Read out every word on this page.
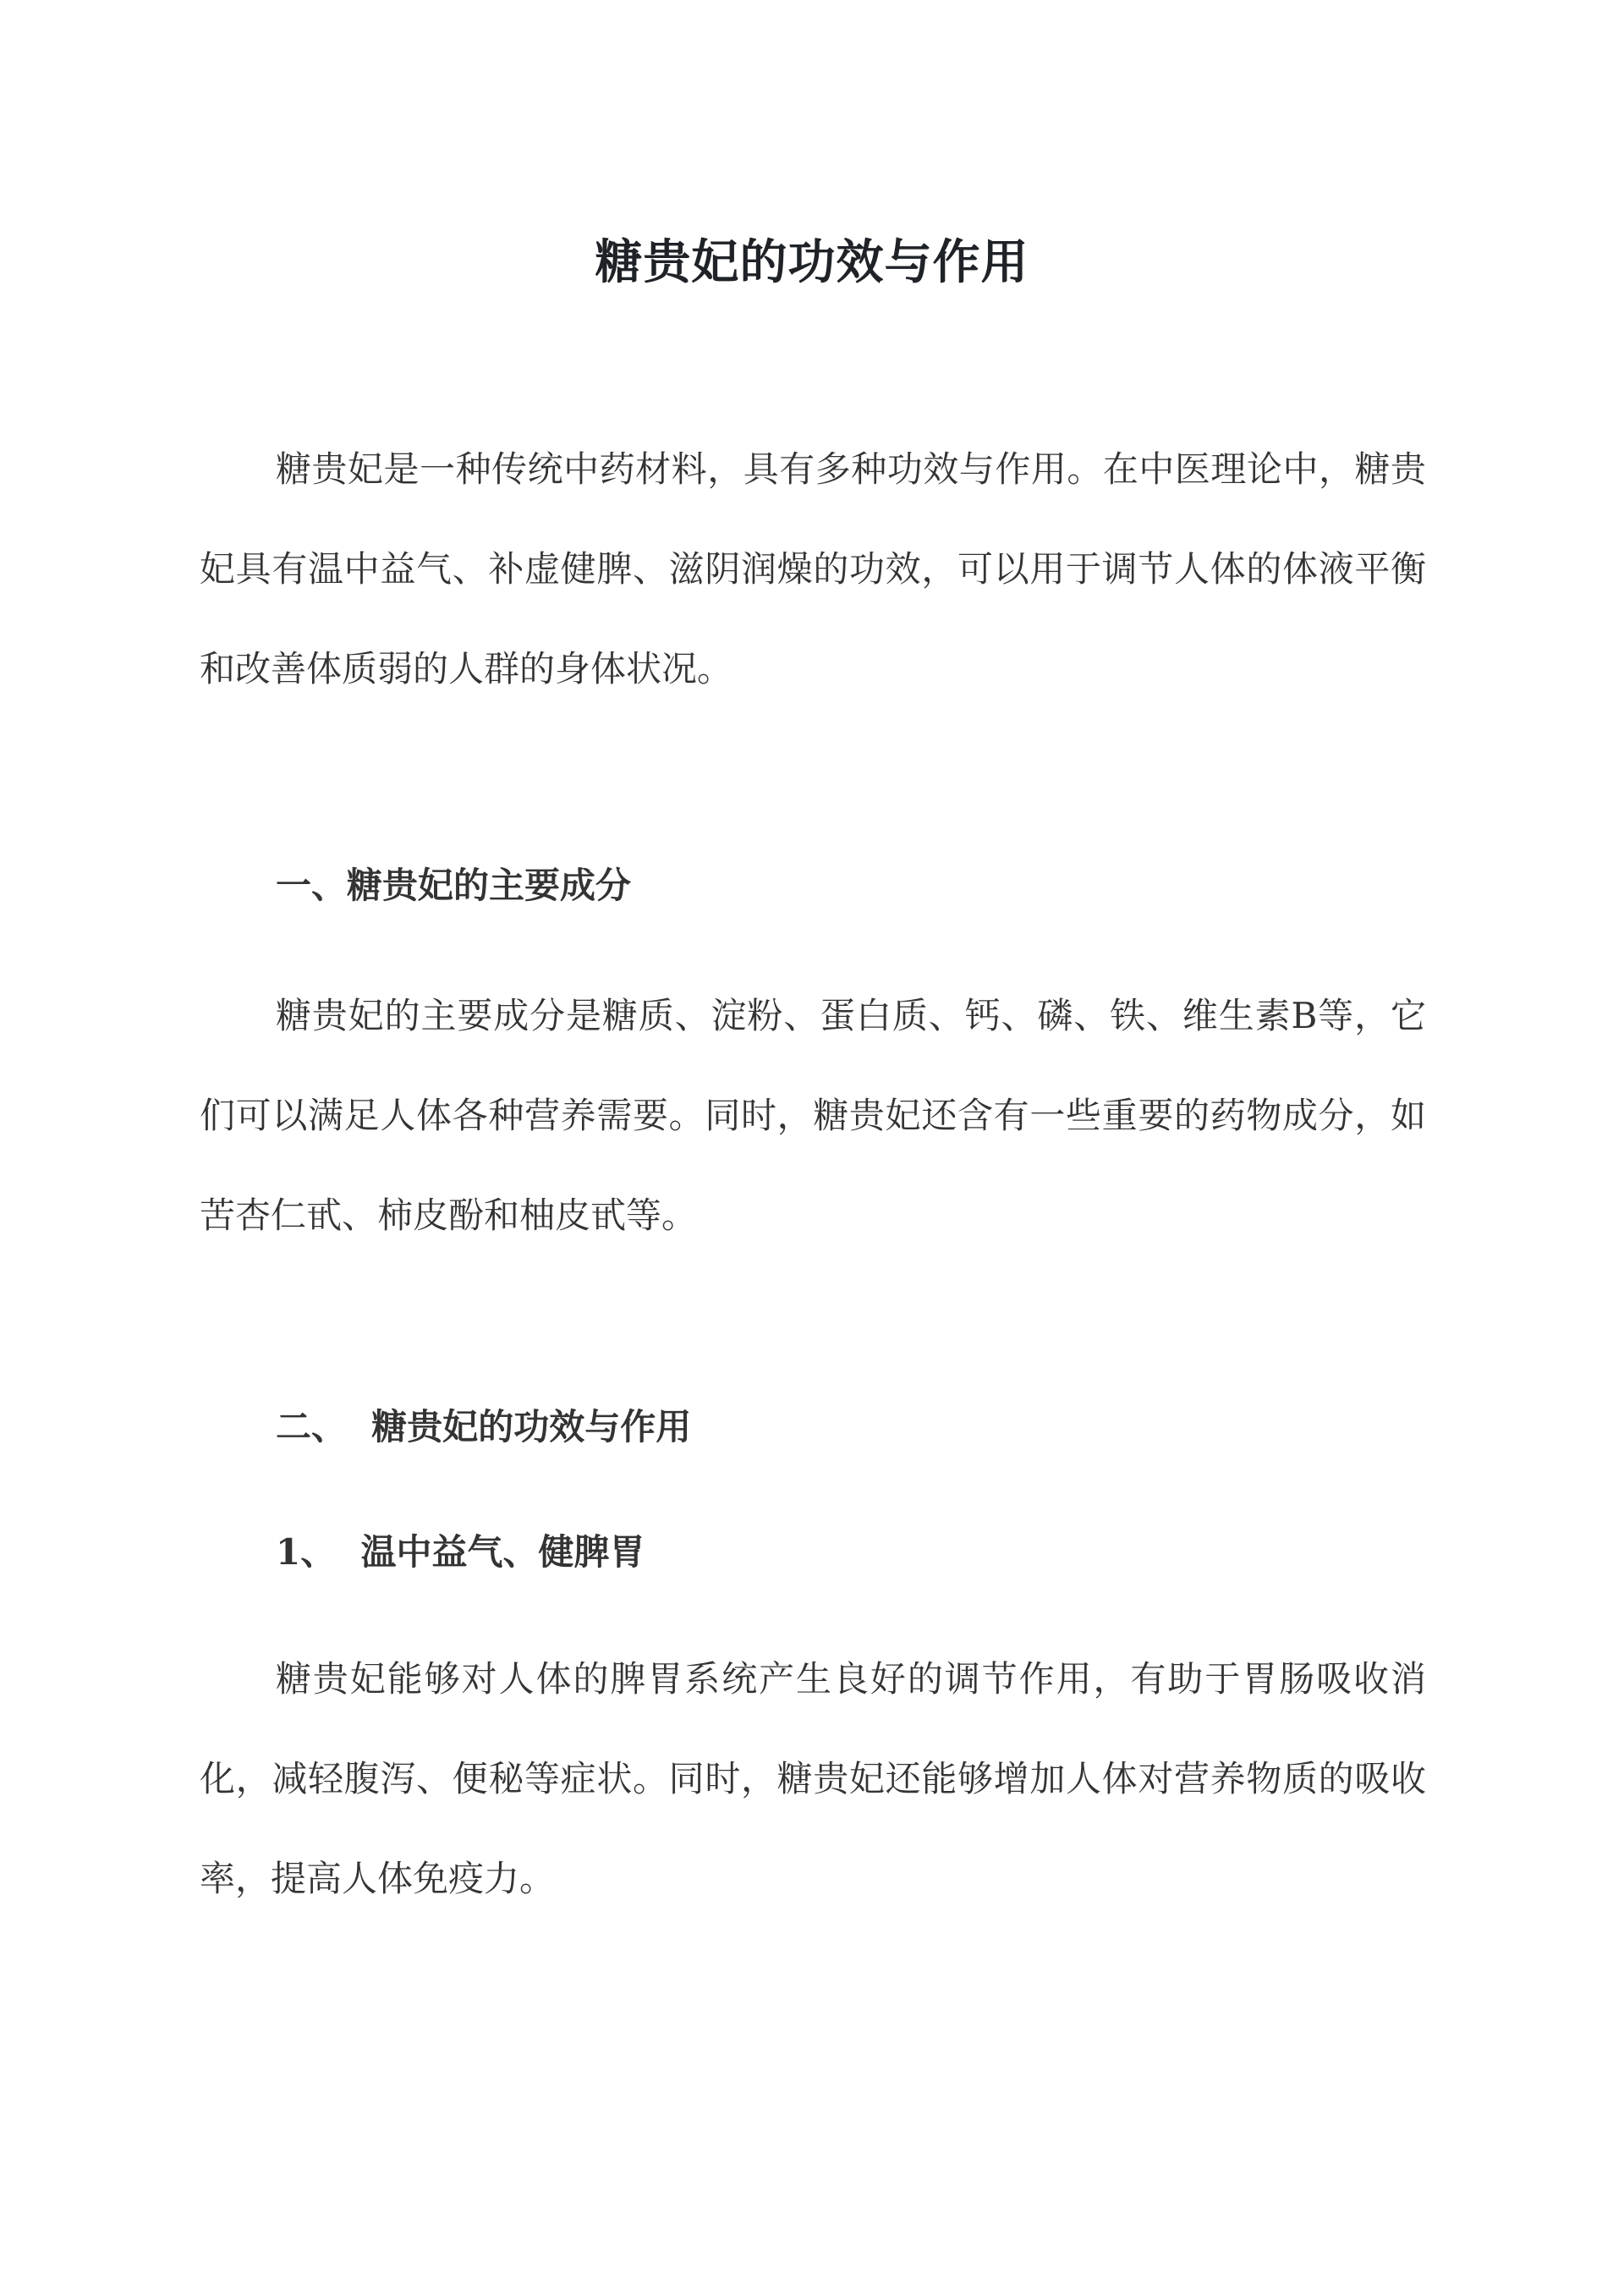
糖贵妃的功效与作用

糖贵妃是一种传统中药材料，具有多种功效与作用。在中医理论中，糖贵妃具有温中益气、补虚健脾、滋阴润燥的功效，可以用于调节人体的体液平衡和改善体质弱的人群的身体状况。

一、糖贵妃的主要成分

糖贵妃的主要成分是糖质、淀粉、蛋白质、钙、磷、铁、维生素B等，它们可以满足人体各种营养需要。同时，糖贵妃还含有一些重要的药物成分，如苦杏仁甙、柿皮酚和柚皮甙等。

二、  糖贵妃的功效与作用
1、  温中益气、健脾胃

糖贵妃能够对人体的脾胃系统产生良好的调节作用，有助于胃肠吸收消化，减轻腹泻、便秘等症状。同时，糖贵妃还能够增加人体对营养物质的吸收率，提高人体免疫力。
